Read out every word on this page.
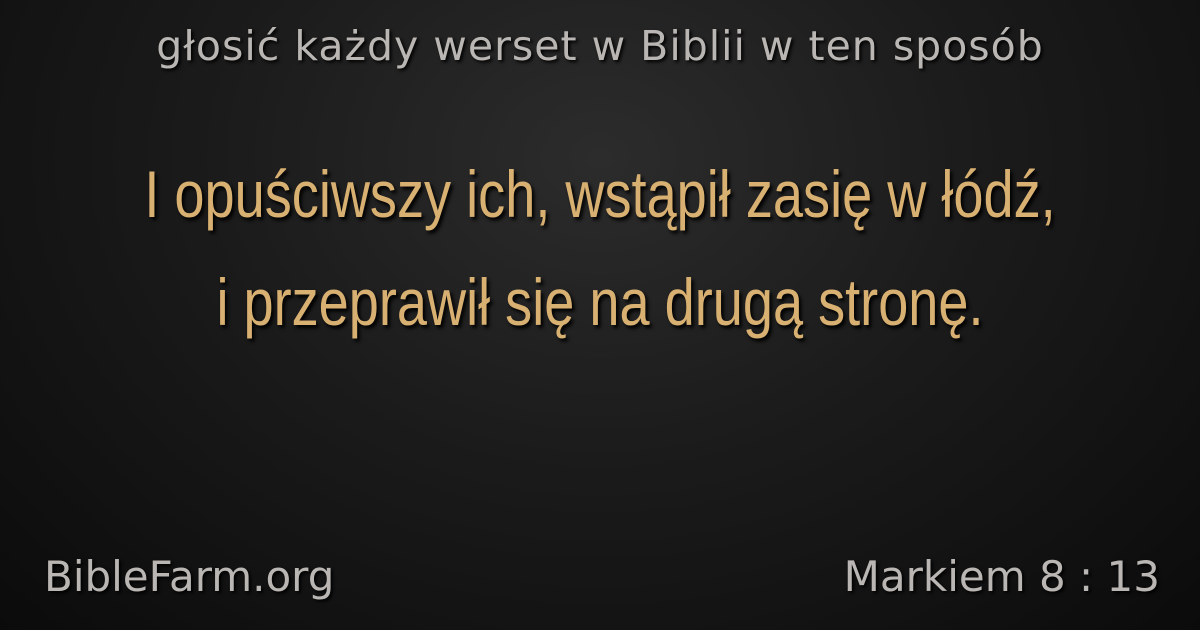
głosić każdy werset w Biblii w ten sposób
I opuściwszy ich, wstąpił zasię w łódź, i przeprawił się na drugą stronę.
BibleFarm.org	Markiem 8 : 13
